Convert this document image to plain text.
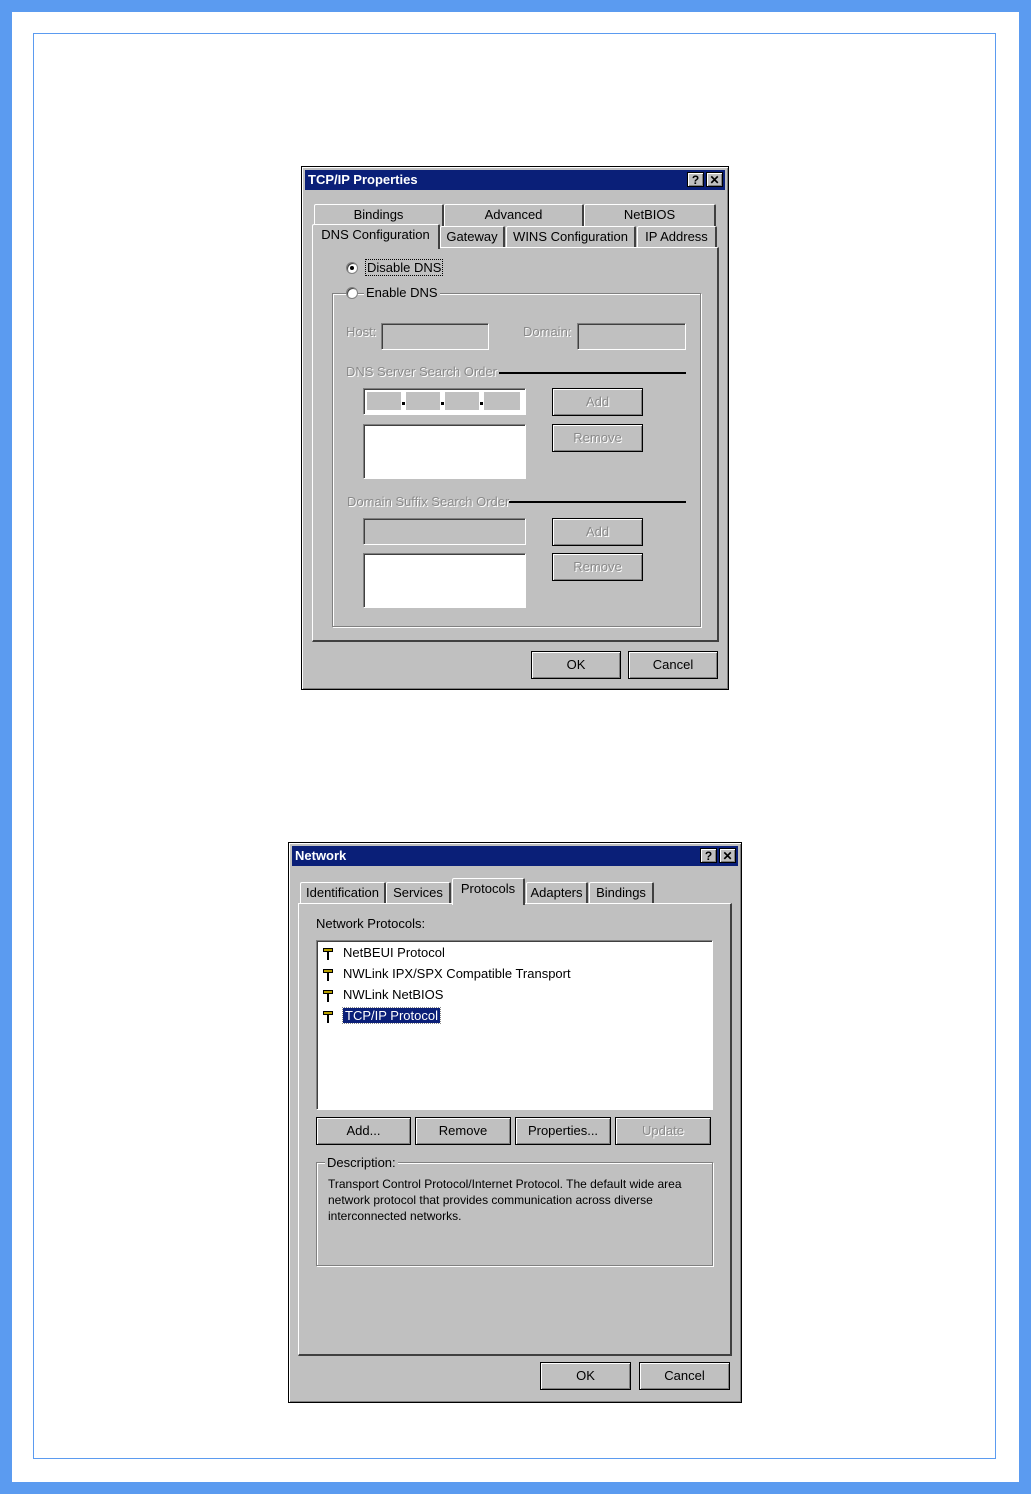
TCP/IP Properties	? ✕
Bindings	Advanced	NetBIOS
DNS Configuration	Gateway	WINS Configuration	IP Address
Disable DNS
Enable DNS
Host:	Domain:
DNS Server Search Order
Add
Remove
Domain Suffix Search Order
Add
Remove
OK	Cancel
Network	? ✕
Identification	Services	Protocols	Adapters	Bindings
Network Protocols:
NetBEUI Protocol
NWLink IPX/SPX Compatible Transport
NWLink NetBIOS
TCP/IP Protocol
Add...	Remove	Properties...	Update
Description:
Transport Control Protocol/Internet Protocol. The default wide area network protocol that provides communication across diverse interconnected networks.
OK	Cancel
